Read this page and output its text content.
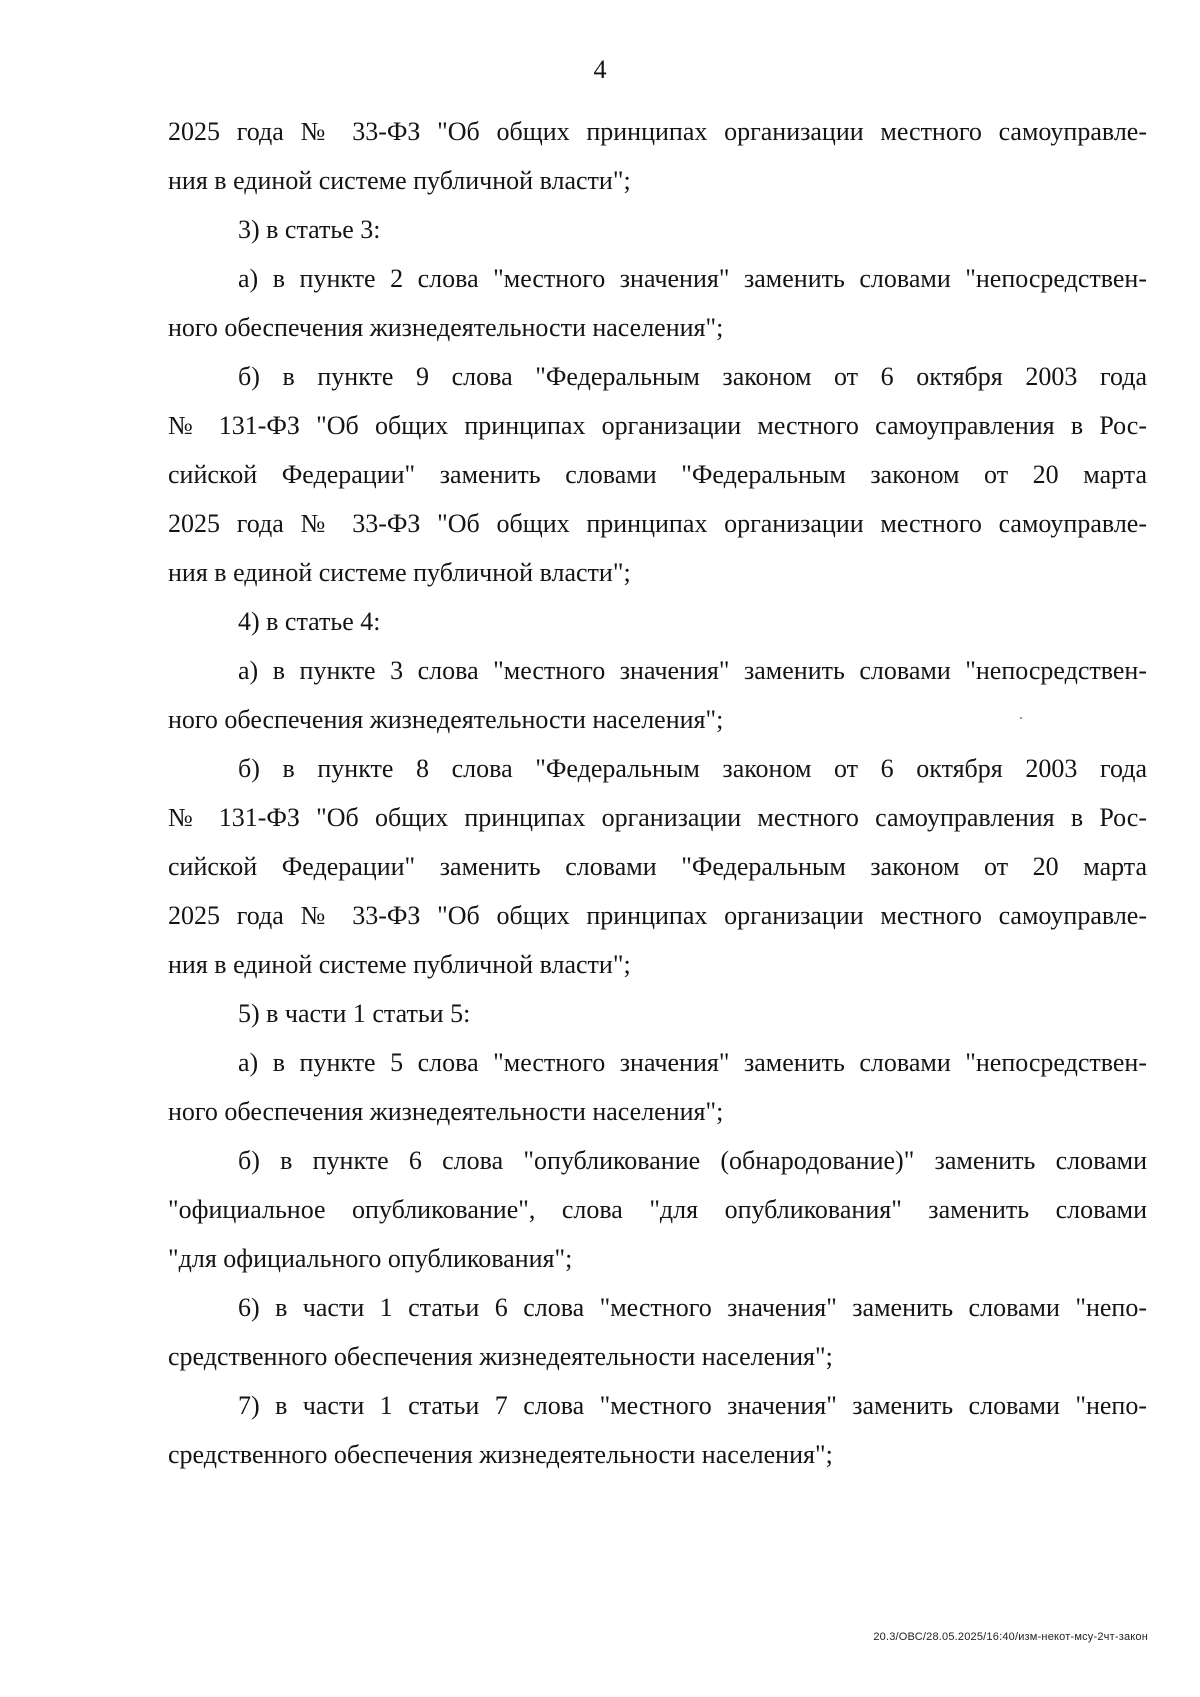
4
2025 года № 33-ФЗ "Об общих принципах организации местного самоуправле-
ния в единой системе публичной власти";
3) в статье 3:
а) в пункте 2 слова "местного значения" заменить словами "непосредствен-
ного обеспечения жизнедеятельности населения";
б) в пункте 9 слова "Федеральным законом от 6 октября 2003 года
№ 131-ФЗ "Об общих принципах организации местного самоуправления в Рос-
сийской Федерации" заменить словами "Федеральным законом от 20 марта
2025 года № 33-ФЗ "Об общих принципах организации местного самоуправле-
ния в единой системе публичной власти";
4) в статье 4:
а) в пункте 3 слова "местного значения" заменить словами "непосредствен-
ного обеспечения жизнедеятельности населения";
б) в пункте 8 слова "Федеральным законом от 6 октября 2003 года
№ 131-ФЗ "Об общих принципах организации местного самоуправления в Рос-
сийской Федерации" заменить словами "Федеральным законом от 20 марта
2025 года № 33-ФЗ "Об общих принципах организации местного самоуправле-
ния в единой системе публичной власти";
5) в части 1 статьи 5:
а) в пункте 5 слова "местного значения" заменить словами "непосредствен-
ного обеспечения жизнедеятельности населения";
б) в пункте 6 слова "опубликование (обнародование)" заменить словами
"официальное опубликование", слова "для опубликования" заменить словами
"для официального опубликования";
6) в части 1 статьи 6 слова "местного значения" заменить словами "непо-
средственного обеспечения жизнедеятельности населения";
7) в части 1 статьи 7 слова "местного значения" заменить словами "непо-
средственного обеспечения жизнедеятельности населения";
20.3/ОВС/28.05.2025/16:40/изм-некот-мсу-2чт-закон
